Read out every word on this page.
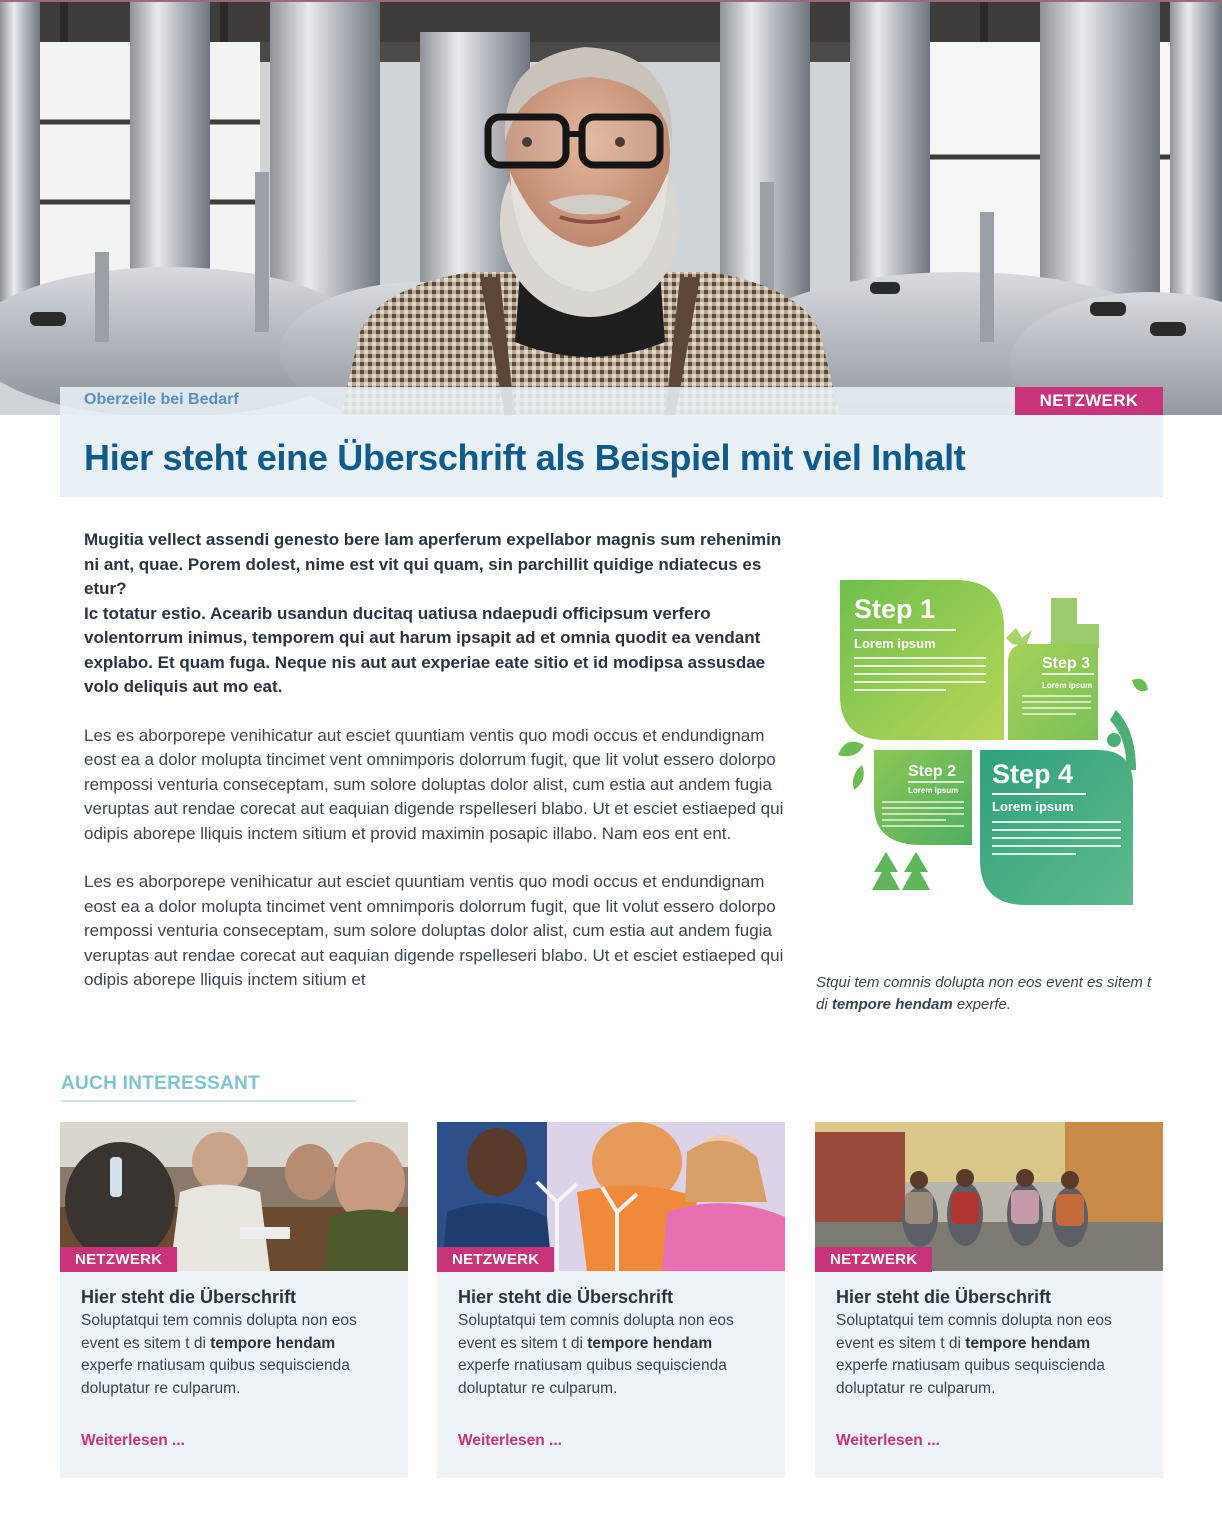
Oberzeile bei Bedarf	NETZWERK
Hier steht eine Überschrift als Beispiel mit viel Inhalt

Mugitia vellect assendi genesto bere lam aperferum expellabor magnis sum rehenimin ni ant, quae. Porem dolest, nime est vit qui quam, sin parchillit quidige ndiatecus es etur?

Ic totatur estio. Acearib usandun ducitaq uatiusa ndaepudi officipsum verfero volentorrum inimus, temporem qui aut harum ipsapit ad et omnia quodit ea vendant explabo. Et quam fuga. Neque nis aut aut experiae eate sitio et id modipsa assusdae volo deliquis aut mo eat.

Les es aborporepe venihicatur aut esciet quuntiam ventis quo modi occus et endundignam eost ea a dolor molupta tincimet vent omnimporis dolorrum fugit, que lit volut essero dolorpo rempossi venturia conseceptam, sum solore doluptas dolor alist, cum estia aut andem fugia veruptas aut rendae corecat aut eaquian digende rspelleseri blabo. Ut et esciet estiaeped qui odipis aborepe lliquis inctem sitium et provid maximin posapic illabo. Nam eos ent ent.

Les es aborporepe venihicatur aut esciet quuntiam ventis quo modi occus et endundignam eost ea a dolor molupta tincimet vent omnimporis dolorrum fugit, que lit volut essero dolorpo rempossi venturia conseceptam, sum solore doluptas dolor alist, cum estia aut andem fugia veruptas aut rendae corecat aut eaquian digende rspelleseri blabo. Ut et esciet estiaeped qui odipis aborepe lliquis inctem sitium et

Step 1
Lorem ipsum
Step 3
Lorem ipsum
Step 2
Lorem ipsum
Step 4
Lorem ipsum

Stqui tem comnis dolupta non eos event es sitem t di tempore hendam experfe.

AUCH INTERESSANT
NETZWERK
Hier steht die Überschrift

Soluptatqui tem comnis dolupta non eos event es sitem t di tempore hendam experfe rnatiusam quibus sequiscienda doluptatur re culparum.

Weiterlesen ...
NETZWERK
Hier steht die Überschrift

Soluptatqui tem comnis dolupta non eos event es sitem t di tempore hendam experfe rnatiusam quibus sequiscienda doluptatur re culparum.

Weiterlesen ...
NETZWERK
Hier steht die Überschrift

Soluptatqui tem comnis dolupta non eos event es sitem t di tempore hendam experfe rnatiusam quibus sequiscienda doluptatur re culparum.

Weiterlesen ...
